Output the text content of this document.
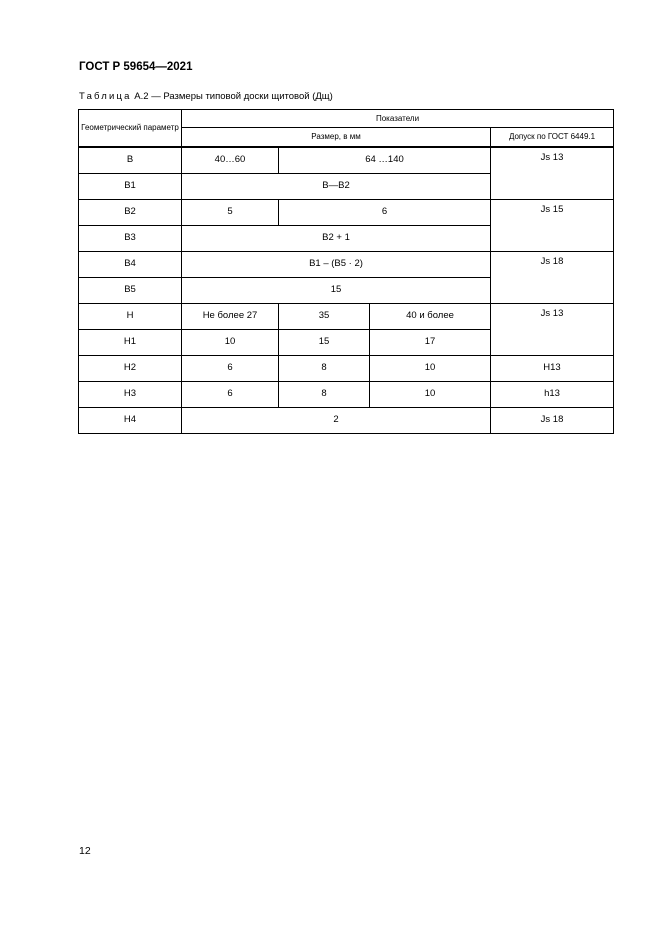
ГОСТ Р 59654—2021
Таблица А.2 — Размеры типовой доски щитовой (Дщ)
Геометрический параметр	Показатели			
	Размер, в мм			Допуск по ГОСТ 6449.1
B	40…60	64 …140		Js 13
B1	B—B2			
B2	5	6		Js 15
B3	B2 + 1			
B4	B1 – (B5 · 2)			Js 18
B5	15			
H	Не более 27	35	40 и более	Js 13
H1	10	15	17	
H2	6	8	10	H13
H3	6	8	10	h13
H4	2			Js 18
12
